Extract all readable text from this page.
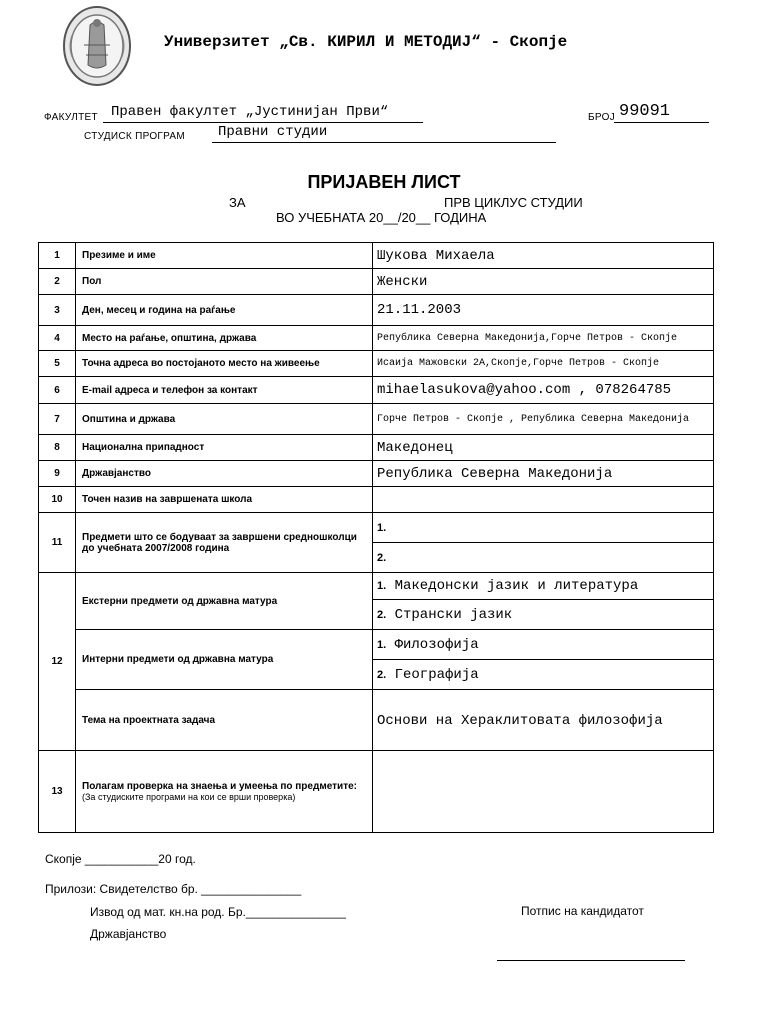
Универзитет „Св. КИРИЛ И МЕТОДИЈ“ - Скопје
ФАКУЛТЕТ Правен факултет „Јустинијан Први“	БРОЈ 99091
СТУДИСК ПРОГРАМ	Правни студии
ПРИЈАВЕН ЛИСТ
ЗА	ПРВ ЦИКЛУС СТУДИИ
ВО УЧЕБНАТА 20__/20__ ГОДИНА
1	Презиме и име	Шукова Михаела
2	Пол	Женски
3	Ден, месец и година на раѓање	21.11.2003
4	Место на раѓање, општина, држава	Република Северна Македонија,Горче Петров - Скопје
5	Точна адреса во постојаното место на живеење	Исаија Мажовски 2А,Скопје,Горче Петров - Скопје
6	E-mail адреса и телефон за контакт	mihaelasukova@yahoo.com , 078264785
7	Општина и држава	Горче Петров - Скопје , Република Северна Македонија
8	Национална припадност	Македонец
9	Државјанство	Република Северна Македонија
10	Точен назив на завршената школа	
11	Предмети што се бодуваат за завршени средношколци до учебната 2007/2008 година	1.
		2.
12	Екстерни предмети од државна матура	1. Македонски јазик и литература
		2. Странски јазик
	Интерни предмети од државна матура	1. Филозофија
		2. Географија
	Тема на проектната задача	Основи на Хераклитовата филозофија
13	Полагам проверка на знаења и умеења по предметите:
(За студиските програми на кои се врши проверка)	

Скопје ___________20 год.
Прилози: Свидетелство бр. _______________
Извод од мат. кн.на род. Бр._______________
Државјанство
Потпис на кандидатот
